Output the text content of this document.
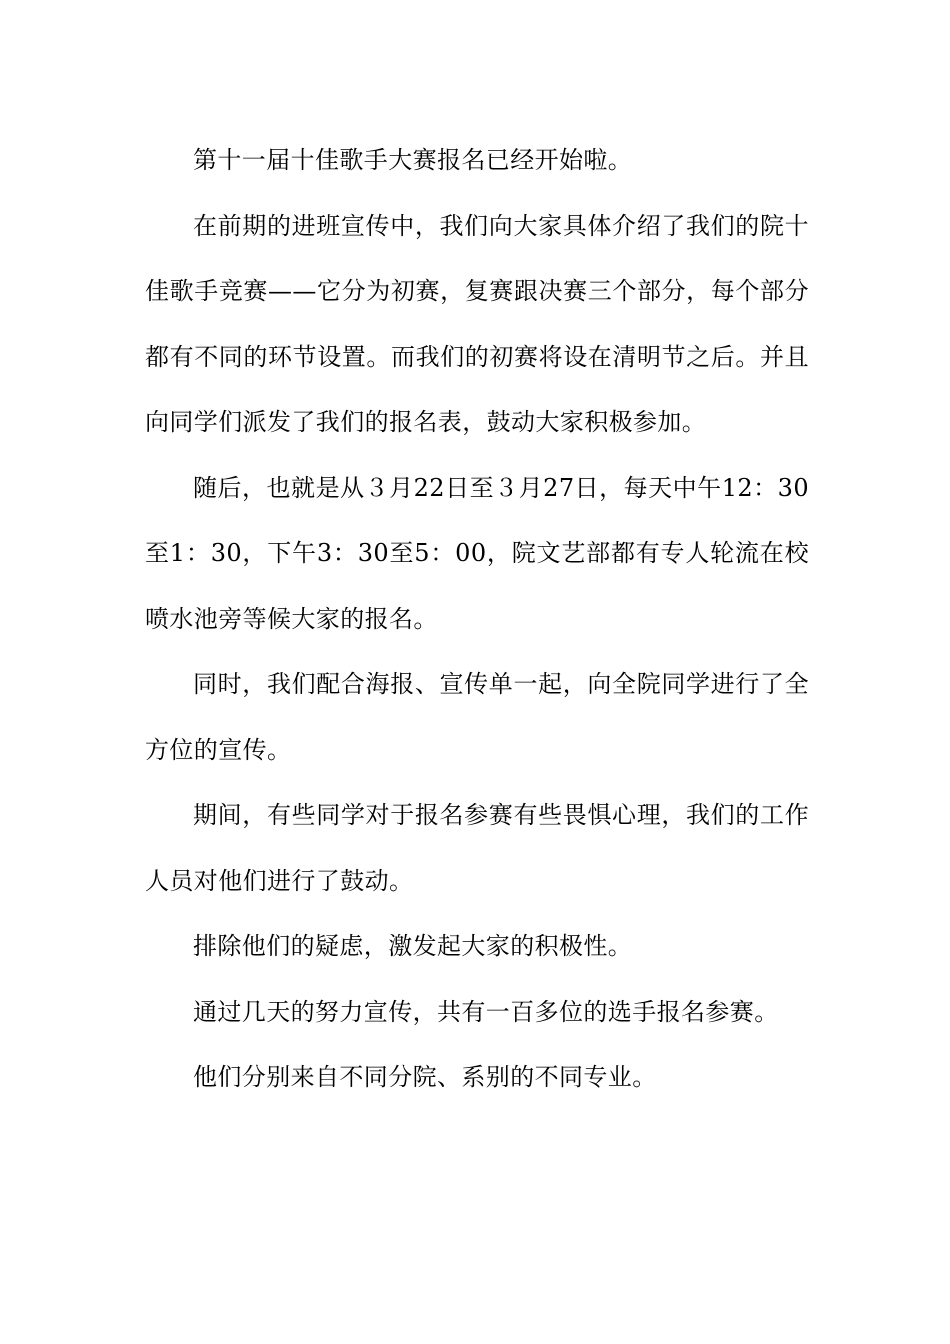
第十一届十佳歌手大赛报名已经开始啦。

在前期的进班宣传中，我们向大家具体介绍了我们的院十佳歌手竞赛——它分为初赛，复赛跟决赛三个部分，每个部分都有不同的环节设置。而我们的初赛将设在清明节之后。并且向同学们派发了我们的报名表，鼓动大家积极参加。

随后，也就是从３月22日至３月27日，每天中午12：30至1：30，下午3：30至5：00，院文艺部都有专人轮流在校喷水池旁等候大家的报名。

同时，我们配合海报、宣传单一起，向全院同学进行了全方位的宣传。

期间，有些同学对于报名参赛有些畏惧心理，我们的工作人员对他们进行了鼓动。

排除他们的疑虑，激发起大家的积极性。

通过几天的努力宣传，共有一百多位的选手报名参赛。

他们分别来自不同分院、系别的不同专业。
